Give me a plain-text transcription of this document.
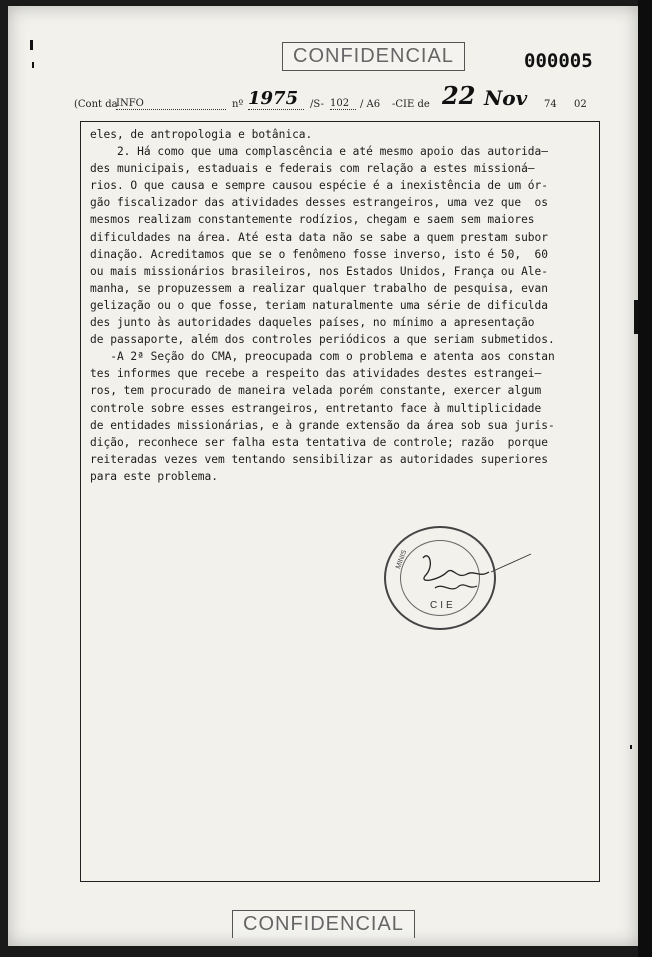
CONFIDENCIAL	000005
(Cont da
INFO	nº 1975	/S- 102	/ A6 -CIE de 22 Nov 74 02
eles, de antropologia e botânica.
2. Há como que uma complascência e até mesmo apoio das autorida—
des municipais, estaduais e federais com relação a estes missioná—
rios. O que causa e sempre causou espécie é a inexistência de um ór-
gão fiscalizador das atividades desses estrangeiros, uma vez que  os
mesmos realizam constantemente rodízios, chegam e saem sem maiores
dificuldades na área. Até esta data não se sabe a quem prestam subor
dinação. Acreditamos que se o fenômeno fosse inverso, isto é 50,  60
ou mais missionários brasileiros, nos Estados Unidos, França ou Ale-
manha, se propuzessem a realizar qualquer trabalho de pesquisa, evan
gelização ou o que fosse, teriam naturalmente uma série de dificulda
des junto às autoridades daqueles países, no mínimo a apresentação
de passaporte, além dos controles periódicos a que seriam submetidos.
-A 2ª Seção do CMA, preocupada com o problema e atenta aos constan
tes informes que recebe a respeito das atividades destes estrangei—
ros, tem procurado de maneira velada porém constante, exercer algum
controle sobre esses estrangeiros, entretanto face à multiplicidade
de entidades missionárias, e à grande extensão da área sob sua juris-
dição, reconhece ser falha esta tentativa de controle; razão  porque
reiteradas vezes vem tentando sensibilizar as autoridades superiores
para este problema.
MINIS
CIE
CONFIDENCIAL
